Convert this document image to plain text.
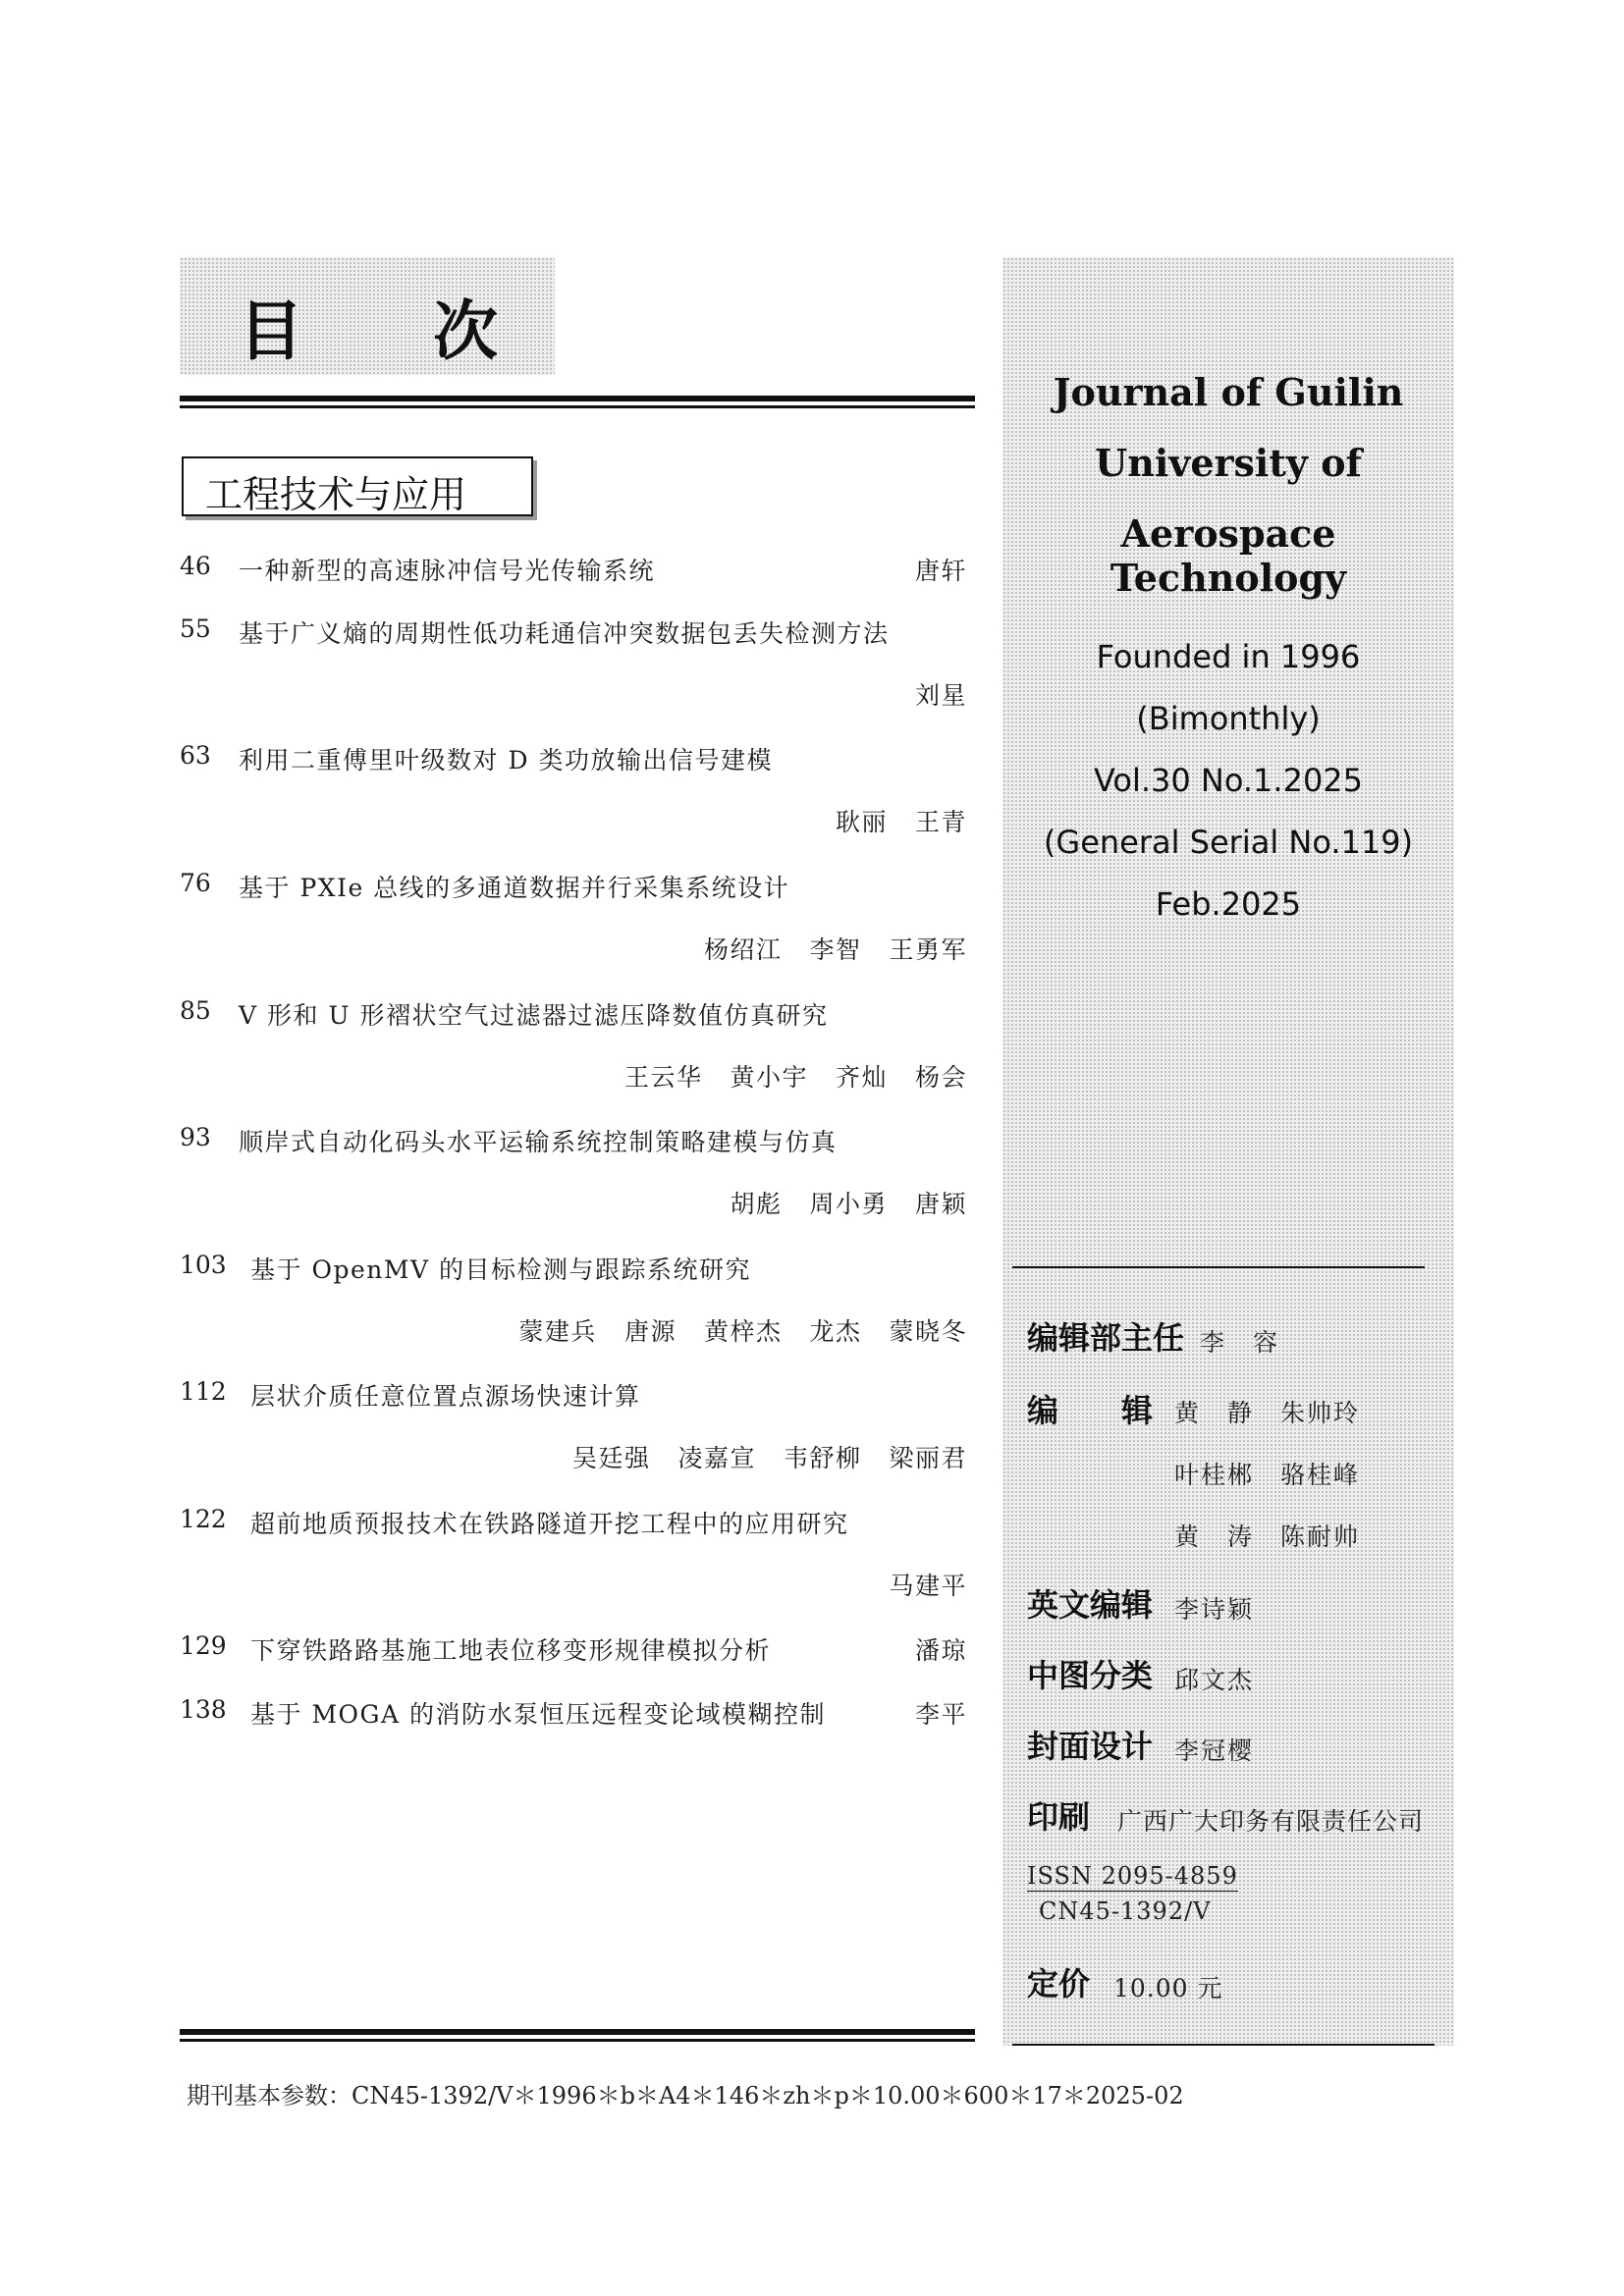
目 次
工程技术与应用
46 一种新型的高速脉冲信号光传输系统	唐轩
55 基于广义熵的周期性低功耗通信冲突数据包丢失检测方法
刘星
63 利用二重傅里叶级数对 D 类功放输出信号建模
耿丽 王青
76 基于 PXIe 总线的多通道数据并行采集系统设计
杨绍江 李智 王勇军
85 V 形和 U 形褶状空气过滤器过滤压降数值仿真研究
王云华 黄小宇 齐灿 杨会
93 顺岸式自动化码头水平运输系统控制策略建模与仿真
胡彪 周小勇 唐颖
103 基于 OpenMV 的目标检测与跟踪系统研究
蒙建兵 唐源 黄梓杰 龙杰 蒙晓冬
112 层状介质任意位置点源场快速计算
吴廷强 凌嘉宣 韦舒柳 梁丽君
122 超前地质预报技术在铁路隧道开挖工程中的应用研究
马建平
129 下穿铁路路基施工地表位移变形规律模拟分析	潘琼
138 基于 MOGA 的消防水泵恒压远程变论域模糊控制	李平
Journal of Guilin
University of
Aerospace Technology
Founded in 1996
(Bimonthly)
Vol.30 No.1.2025
(General Serial No.119)
Feb.2025
编辑部主任 李　容
编　　辑 黄　静　朱帅玲
叶桂郴　骆桂峰
黄　涛　陈耐帅
英文编辑 李诗颖
中图分类 邱文杰
封面设计 李冠樱
印刷 广西广大印务有限责任公司
ISSN 2095-4859
CN45-1392/V
定价 10.00 元
期刊基本参数：CN45-1392/V＊1996＊b＊A4＊146＊zh＊p＊10.00＊600＊17＊2025-02
